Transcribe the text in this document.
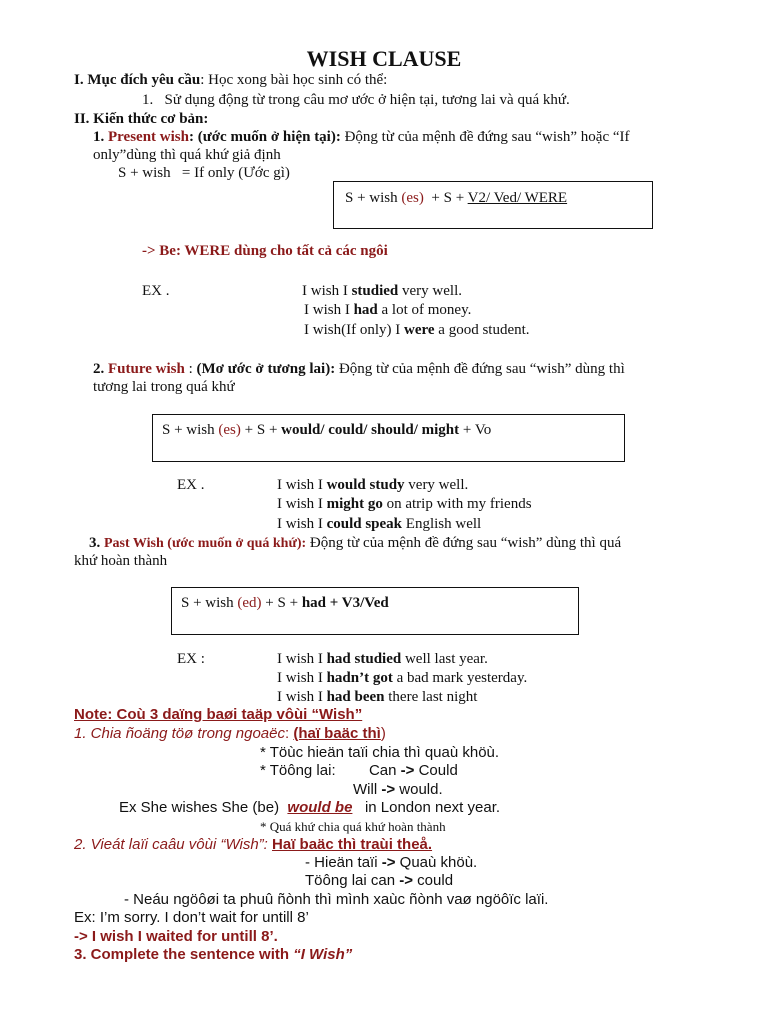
WISH CLAUSE
I. Mục đích yêu cầu: Học xong bài học sinh có thể:
1. Sử dụng động từ trong câu mơ ước ở hiện tại, tương lai và quá khứ.
II. Kiến thức cơ bản:
1. Present wish: (ước muốn ở hiện tại): Động từ của mệnh đề đứng sau “wish” hoặc “If
only”dùng thì quá khứ giả định
S + wish = If only (Ước gì)
S + wish (es) + S + V2/ Ved/ WERE
-> Be: WERE dùng cho tất cả các ngôi
EX .	I wish I studied very well.
I wish I had a lot of money.
I wish(If only) I were a good student.
2. Future wish : (Mơ ước ở tương lai): Động từ của mệnh đề đứng sau “wish” dùng thì
tương lai trong quá khứ
S + wish (es) + S + would/ could/ should/ might + Vo
EX .	I wish I would study very well.
I wish I might go on atrip with my friends
I wish I could speak English well
3. Past Wish (ước muốn ở quá khứ): Động từ của mệnh đề đứng sau “wish” dùng thì quá
khứ hoàn thành
S + wish (ed) + S + had + V3/Ved
EX :	I wish I had studied well last year.
I wish I hadn’t got a bad mark yesterday.
I wish I had been there last night
Note: Coù 3 daïng baøi taäp vôùi “Wish”
1. Chia ñoäng töø trong ngoaëc: (haï baäc thì)
* Töùc hieän taïi chia thì quaù khöù.
* Töông lai: Can -> Could
Will -> would.
Ex She wishes She (be) would be in London next year.
* Quá khứ chia quá khứ hoàn thành
2. Vieát laïi caâu vôùi “Wish”: Haï baäc thì traùi theå.
- Hieän taïi -> Quaù khöù.
Töông lai can -> could
- Neáu ngöôøi ta phuû ñònh thì mình xaùc ñònh vaø ngöôïc laïi.
Ex: I’m sorry. I don’t wait for untill 8’
-> I wish I waited for untill 8’.
3. Complete the sentence with “I Wish”
